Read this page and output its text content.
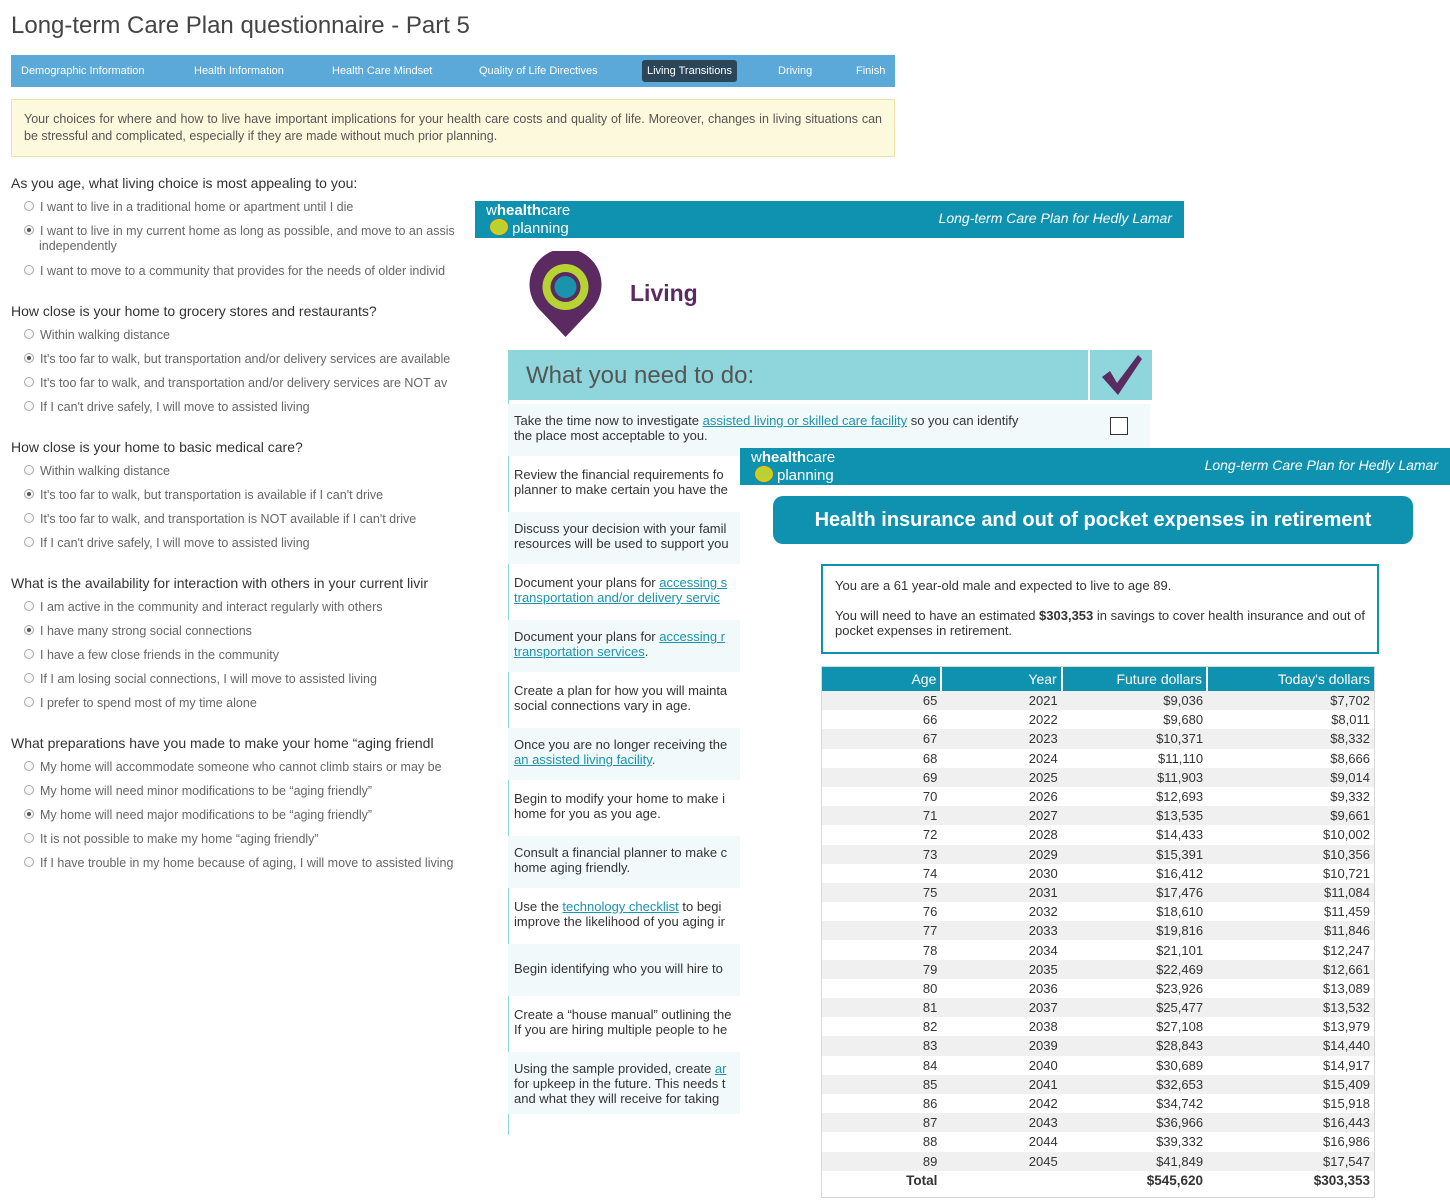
Long-term Care Plan questionnaire - Part 5
Demographic Information	Health Information	Health Care Mindset	Quality of Life Directives	Living Transitions	Driving	Finish
Your choices for where and how to live have important implications for your health care costs and quality of life. Moreover, changes in living situations can be stressful and complicated, especially if they are made without much prior planning.
As you age, what living choice is most appealing to you:
I want to live in a traditional home or apartment until I die
I want to live in my current home as long as possible, and move to an assis
independently
I want to move to a community that provides for the needs of older individ
How close is your home to grocery stores and restaurants?
Within walking distance
It's too far to walk, but transportation and/or delivery services are available
It's too far to walk, and transportation and/or delivery services are NOT av
If I can't drive safely, I will move to assisted living
How close is your home to basic medical care?
Within walking distance
It's too far to walk, but transportation is available if I can't drive
It's too far to walk, and transportation is NOT available if I can't drive
If I can't drive safely, I will move to assisted living
What is the availability for interaction with others in your current livir
I am active in the community and interact regularly with others
I have many strong social connections
I have a few close friends in the community
If I am losing social connections, I will move to assisted living
I prefer to spend most of my time alone
What preparations have you made to make your home “aging friendl
My home will accommodate someone who cannot climb stairs or may be
My home will need minor modifications to be “aging friendly”
My home will need major modifications to be “aging friendly”
It is not possible to make my home “aging friendly”
If I have trouble in my home because of aging, I will move to assisted living
whealthcare
planning
Long-term Care Plan for Hedly Lamar
Living
What you need to do:
Take the time now to investigate assisted living or skilled care facility so you can identify
the place most acceptable to you.
Review the financial requirements fo
planner to make certain you have the
Discuss your decision with your famil
resources will be used to support you
Document your plans for accessing s
transportation and/or delivery servic
Document your plans for accessing r
transportation services.
Create a plan for how you will mainta
social connections vary in age.
Once you are no longer receiving the
an assisted living facility.
Begin to modify your home to make i
home for you as you age.
Consult a financial planner to make c
home aging friendly.
Use the technology checklist to begi
improve the likelihood of you aging ir
Begin identifying who you will hire to
Create a “house manual” outlining the
If you are hiring multiple people to he
Using the sample provided, create ar
for upkeep in the future. This needs t
and what they will receive for taking
whealthcare
planning
Long-term Care Plan for Hedly Lamar
Health insurance and out of pocket expenses in retirement

You are a 61 year-old male and expected to live to age 89.

You will need to have an estimated $303,353 in savings to cover health insurance and out of pocket expenses in retirement.

Age	Year	Future dollars	Today's dollars
65	2021	$9,036	$7,702
66	2022	$9,680	$8,011
67	2023	$10,371	$8,332
68	2024	$11,110	$8,666
69	2025	$11,903	$9,014
70	2026	$12,693	$9,332
71	2027	$13,535	$9,661
72	2028	$14,433	$10,002
73	2029	$15,391	$10,356
74	2030	$16,412	$10,721
75	2031	$17,476	$11,084
76	2032	$18,610	$11,459
77	2033	$19,816	$11,846
78	2034	$21,101	$12,247
79	2035	$22,469	$12,661
80	2036	$23,926	$13,089
81	2037	$25,477	$13,532
82	2038	$27,108	$13,979
83	2039	$28,843	$14,440
84	2040	$30,689	$14,917
85	2041	$32,653	$15,409
86	2042	$34,742	$15,918
87	2043	$36,966	$16,443
88	2044	$39,332	$16,986
89	2045	$41,849	$17,547
Total		$545,620	$303,353
